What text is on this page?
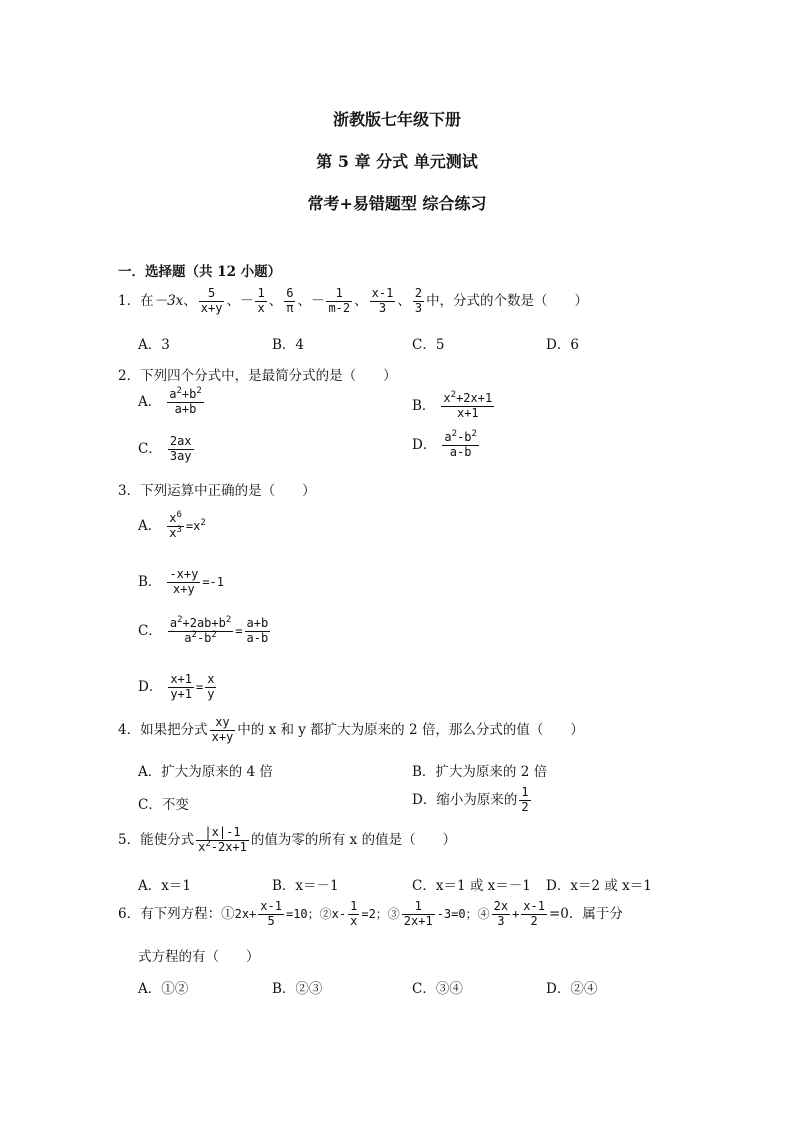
浙教版七年级下册
第 5 章 分式 单元测试
常考+易错题型 综合练习
一．选择题（共 12 小题）
1．在－3x、 $\frac{5}{x+y}$ 、－ $\frac{1}{x}$ 、 $\frac{6}{\pi}$ 、－ $\frac{1}{m-2}$ 、 $\frac{x-1}{3}$ 、 $\frac{2}{3}$ 中，分式的个数是（　　）
A．3	B．4	C．5	D．6
2．下列四个分式中，是最简分式的是（　　）
A． $\frac{a^2+b^2}{a+b}$	B． $\frac{x^2+2x+1}{x+1}$
C． $\frac{2ax}{3ay}$	D． $\frac{a^2-b^2}{a-b}$
3．下列运算中正确的是（　　）
A． $\frac{x^6}{x^3} =x^2$
B． $\frac{-x+y}{x+y} =-1$
C． $\frac{a^2+2ab+b^2}{a^2-b^2} = \frac{a+b}{a-b}$
D． $\frac{x+1}{y+1} = \frac{x}{y}$
4．如果把分式 $\frac{xy}{x+y}$ 中的 x 和 y 都扩大为原来的 2 倍，那么分式的值（　　）
A．扩大为原来的 4 倍	B．扩大为原来的 2 倍
C．不变	D．缩小为原来的 $\frac{1}{2}$
5．能使分式 $\frac{|x|-1}{x^2-2x+1}$ 的值为零的所有 x 的值是（　　）
A．x＝1	B．x＝－1	C．x＝1 或 x＝－1 D．x＝2 或 x＝1
6．有下列方程：①2x+ $\frac{x-1}{5} =10$；②x- $\frac{1}{x} =2$；③ $\frac{1}{2x+1} -3=0$；④ $\frac{2x}{3} + \frac{x-1}{2} =0$．属于分
式方程的有（　　）
A．①②	B．②③	C．③④	D．②④
